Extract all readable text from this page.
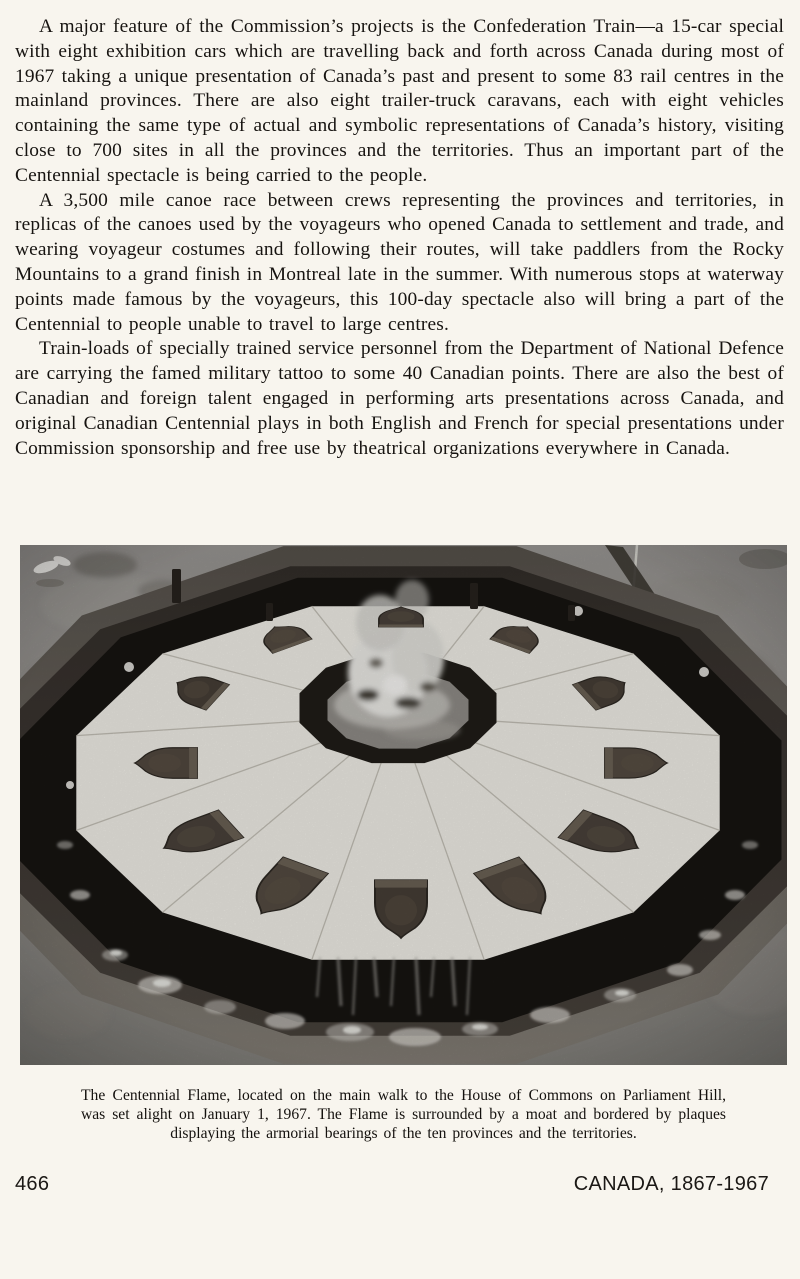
A major feature of the Commission’s projects is the Confederation Train—a 15-car special with eight exhibition cars which are travelling back and forth across Canada during most of 1967 taking a unique presentation of Canada’s past and present to some 83 rail centres in the mainland provinces. There are also eight trailer-truck caravans, each with eight vehicles containing the same type of actual and symbolic representations of Canada’s history, visiting close to 700 sites in all the provinces and the territories. Thus an important part of the Centennial spectacle is being carried to the people.

A 3,500 mile canoe race between crews representing the provinces and territories, in replicas of the canoes used by the voyageurs who opened Canada to settlement and trade, and wearing voyageur costumes and following their routes, will take paddlers from the Rocky Mountains to a grand finish in Montreal late in the summer. With numerous stops at waterway points made famous by the voyageurs, this 100-day spectacle also will bring a part of the Centennial to people unable to travel to large centres.

Train-loads of specially trained service personnel from the Department of National Defence are carrying the famed military tattoo to some 40 Canadian points. There are also the best of Canadian and foreign talent engaged in performing arts presentations across Canada, and original Canadian Centennial plays in both English and French for special presentations under Commission sponsorship and free use by theatrical organizations everywhere in Canada.

The Centennial Flame, located on the main walk to the House of Commons on Parliament Hill, was set alight on January 1, 1967. The Flame is surrounded by a moat and bordered by plaques displaying the armorial bearings of the ten provinces and the territories.
466	CANADA, 1867-1967
